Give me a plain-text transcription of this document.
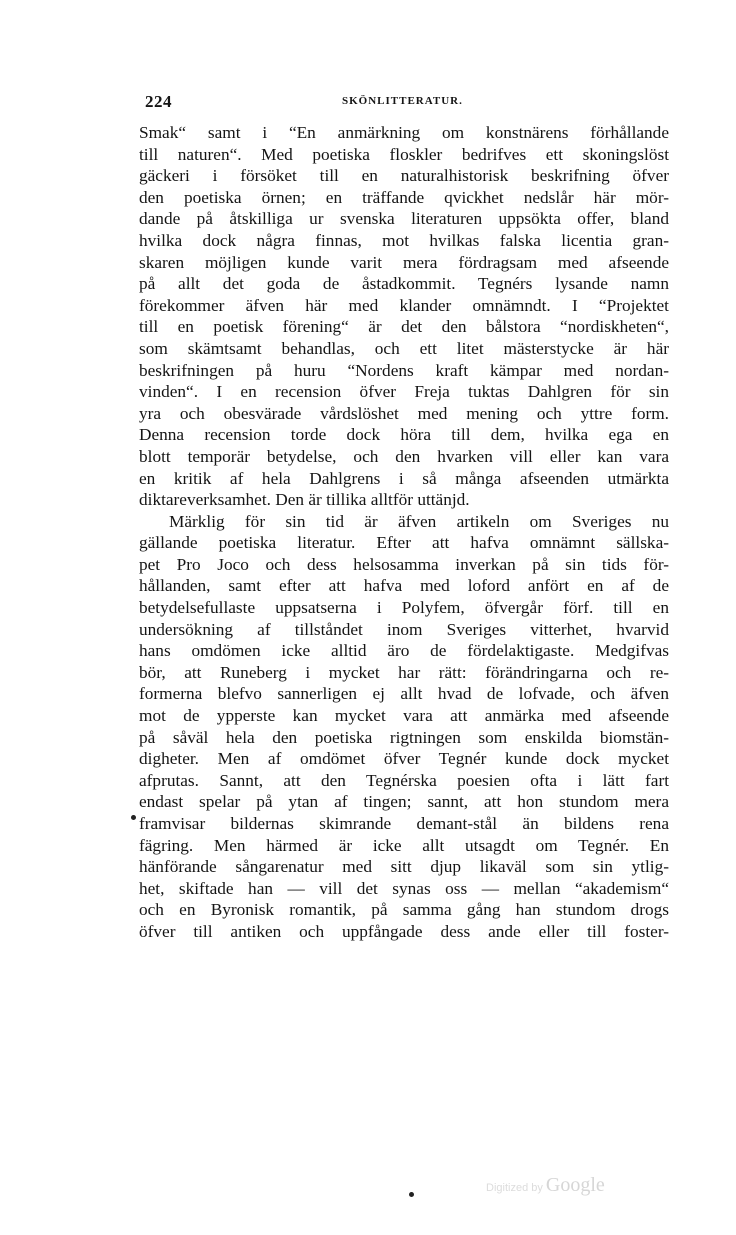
224	SKÖNLITTERATUR.
Smak“ samt i “En anmärkning om konstnärens förhållande
till naturen“. Med poetiska floskler bedrifves ett skoningslöst
gäckeri i försöket till en naturalhistorisk beskrifning öfver
den poetiska örnen; en träffande qvickhet nedslår här mör-
dande på åtskilliga ur svenska literaturen uppsökta offer, bland
hvilka dock några finnas, mot hvilkas falska licentia gran-
skaren möjligen kunde varit mera fördragsam med afseende
på allt det goda de åstadkommit. Tegnérs lysande namn
förekommer äfven här med klander omnämndt. I “Projektet
till en poetisk förening“ är det den bålstora “nordiskheten“,
som skämtsamt behandlas, och ett litet mästerstycke är här
beskrifningen på huru “Nordens kraft kämpar med nordan-
vinden“. I en recension öfver Freja tuktas Dahlgren för sin
yra och obesvärade vårdslöshet med mening och yttre form.
Denna recension torde dock höra till dem, hvilka ega en
blott temporär betydelse, och den hvarken vill eller kan vara
en kritik af hela Dahlgrens i så många afseenden utmärkta
diktareverksamhet. Den är tillika alltför uttänjd.
Märklig för sin tid är äfven artikeln om Sveriges nu
gällande poetiska literatur. Efter att hafva omnämnt sällska-
pet Pro Joco och dess helsosamma inverkan på sin tids för-
hållanden, samt efter att hafva med loford anfört en af de
betydelsefullaste uppsatserna i Polyfem, öfvergår förf. till en
undersökning af tillståndet inom Sveriges vitterhet, hvarvid
hans omdömen icke alltid äro de fördelaktigaste. Medgifvas
bör, att Runeberg i mycket har rätt: förändringarna och re-
formerna blefvo sannerligen ej allt hvad de lofvade, och äfven
mot de ypperste kan mycket vara att anmärka med afseende
på såväl hela den poetiska rigtningen som enskilda biomstän-
digheter. Men af omdömet öfver Tegnér kunde dock mycket
afprutas. Sannt, att den Tegnérska poesien ofta i lätt fart
endast spelar på ytan af tingen; sannt, att hon stundom mera
framvisar bildernas skimrande demant-stål än bildens rena
fägring. Men härmed är icke allt utsagdt om Tegnér. En
hänförande sångarenatur med sitt djup likaväl som sin ytlig-
het, skiftade han — vill det synas oss — mellan “akademism“
och en Byronisk romantik, på samma gång han stundom drogs
öfver till antiken och uppfångade dess ande eller till foster-
Digitized by Google
